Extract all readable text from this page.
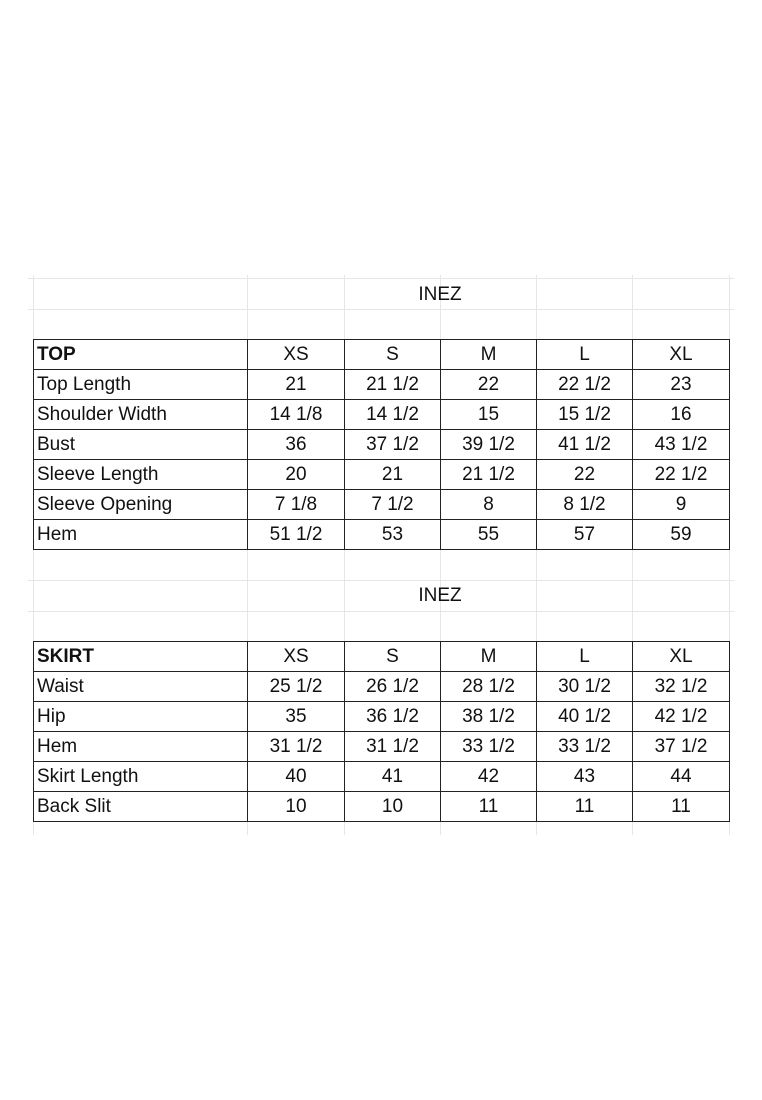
INEZ
TOP	XS	S	M	L	XL
Top Length	21	21 1/2	22	22 1/2	23
Shoulder Width	14 1/8	14 1/2	15	15 1/2	16
Bust	36	37 1/2	39 1/2	41 1/2	43 1/2
Sleeve Length	20	21	21 1/2	22	22 1/2
Sleeve Opening	7 1/8	7 1/2	8	8 1/2	9
Hem	51 1/2	53	55	57	59
INEZ
SKIRT	XS	S	M	L	XL
Waist	25 1/2	26 1/2	28 1/2	30 1/2	32 1/2
Hip	35	36 1/2	38 1/2	40 1/2	42 1/2
Hem	31 1/2	31 1/2	33 1/2	33 1/2	37 1/2
Skirt Length	40	41	42	43	44
Back Slit	10	10	11	11	11
